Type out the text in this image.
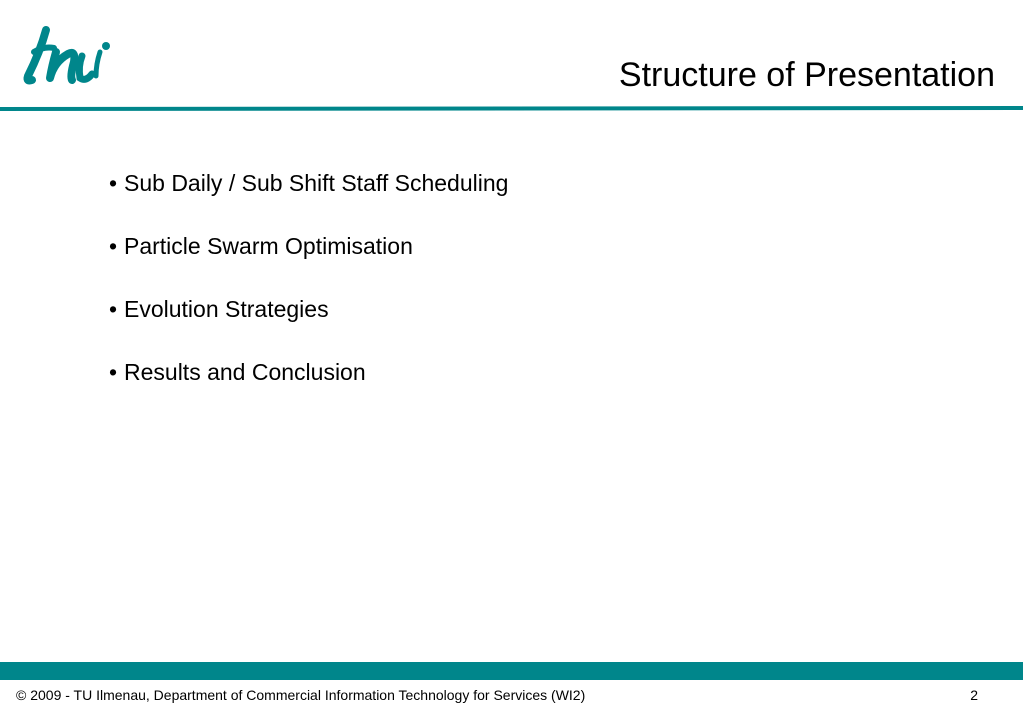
Structure of Presentation
• Sub Daily / Sub Shift Staff Scheduling
• Particle Swarm Optimisation
• Evolution Strategies
• Results and Conclusion
© 2009 - TU Ilmenau, Department of Commercial Information Technology for Services (WI2)	2
